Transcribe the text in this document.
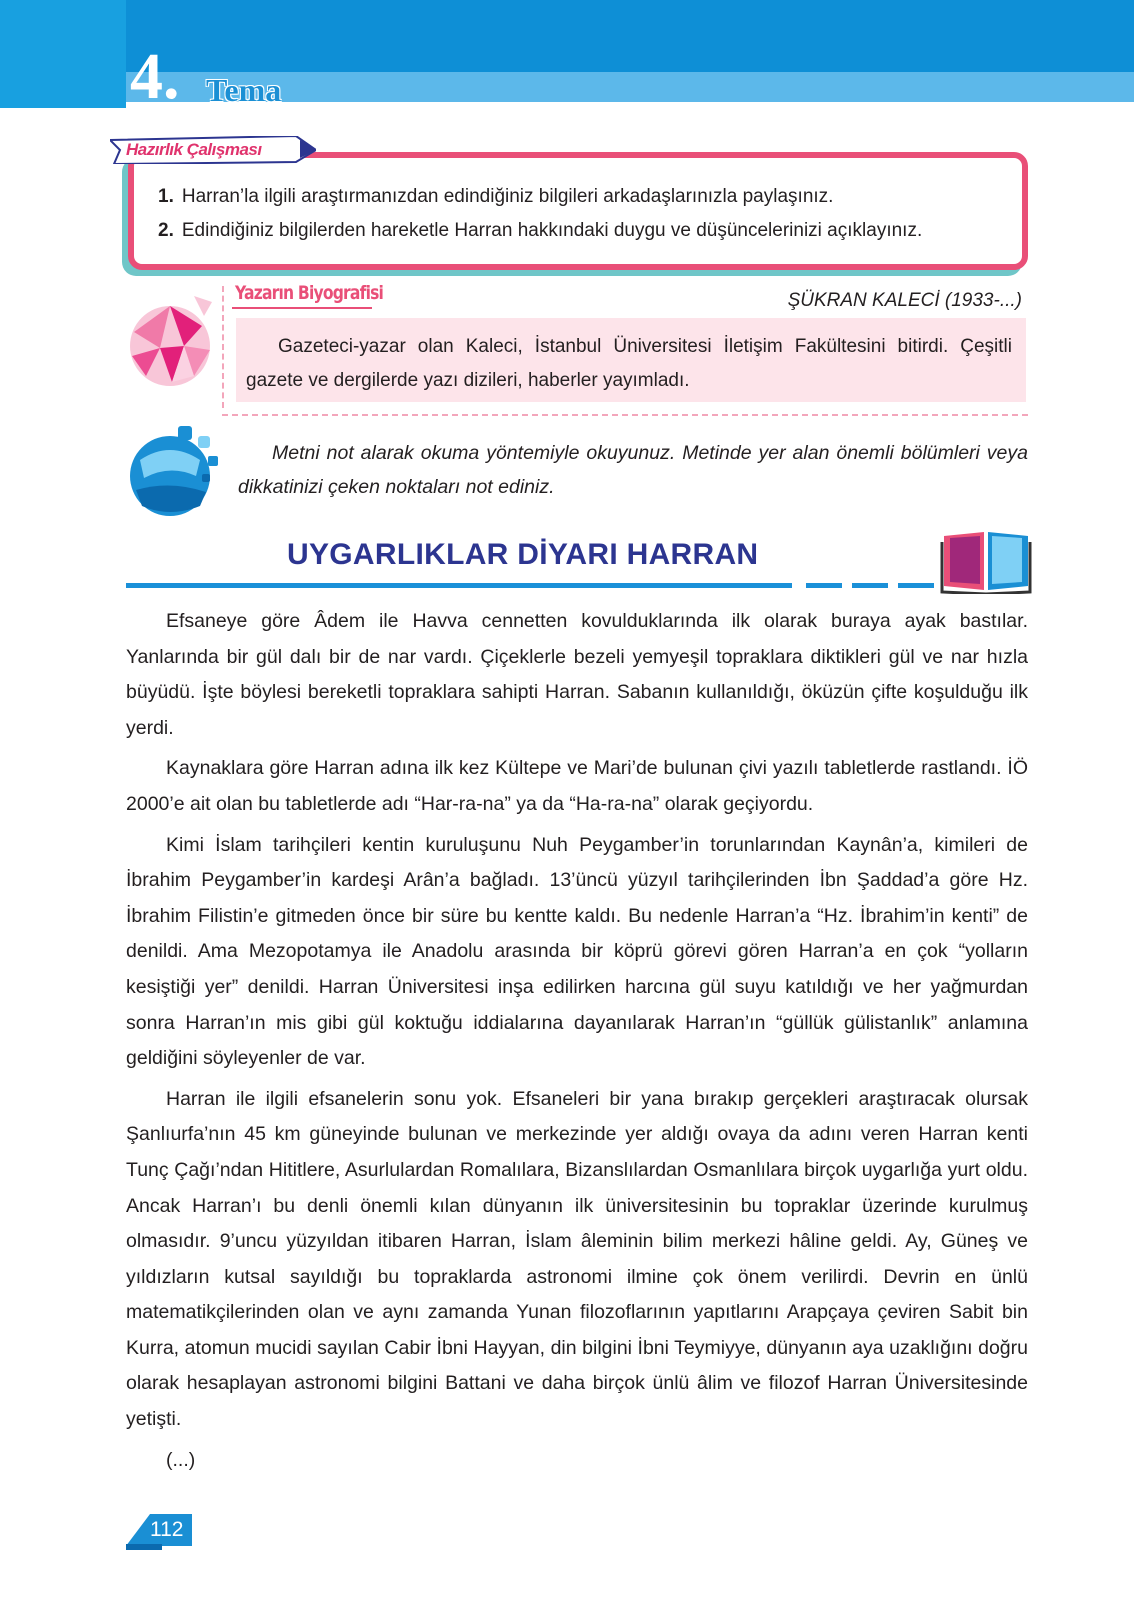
4. Tema
1. Harran’la ilgili araştırmanızdan edindiğiniz bilgileri arkadaşlarınızla paylaşınız.
2. Edindiğiniz bilgilerden hareketle Harran hakkındaki duygu ve düşüncelerinizi açıklayınız.
Hazırlık Çalışması
Yazarın Biyografisi	ŞÜKRAN KALECİ (1933-...)
Gazeteci-yazar olan Kaleci, İstanbul Üniversitesi İletişim Fakültesini bitirdi. Çeşitli gazete ve dergilerde yazı dizileri, haberler yayımladı.
Metni not alarak okuma yöntemiyle okuyunuz. Metinde yer alan önemli bölümleri veya dikkatinizi çeken noktaları not ediniz.
UYGARLIKLAR DİYARI HARRAN

Efsaneye göre Âdem ile Havva cennetten kovulduklarında ilk olarak buraya ayak bastılar. Yanlarında bir gül dalı bir de nar vardı. Çiçeklerle bezeli yemyeşil topraklara diktikleri gül ve nar hızla büyüdü. İşte böylesi bereketli topraklara sahipti Harran. Sabanın kullanıldığı, öküzün çifte koşulduğu ilk yerdi.

Kaynaklara göre Harran adına ilk kez Kültepe ve Mari’de bulunan çivi yazılı tabletlerde rastlandı. İÖ 2000’e ait olan bu tabletlerde adı “Har-ra-na” ya da “Ha-ra-na” olarak geçiyordu.

Kimi İslam tarihçileri kentin kuruluşunu Nuh Peygamber’in torunlarından Kaynân’a, kimileri de İbrahim Peygamber’in kardeşi Arân’a bağladı. 13’üncü yüzyıl tarihçilerinden İbn Şaddad’a göre Hz. İbrahim Filistin’e gitmeden önce bir süre bu kentte kaldı. Bu nedenle Harran’a “Hz. İbrahim’in kenti” de denildi. Ama Mezopotamya ile Anadolu arasında bir köprü görevi gören Harran’a en çok “yolların kesiştiği yer” denildi. Harran Üniversitesi inşa edilirken harcına gül suyu katıldığı ve her yağmurdan sonra Harran’ın mis gibi gül koktuğu iddialarına dayanılarak Harran’ın “güllük gülistanlık” anlamına geldiğini söyleyenler de var.

Harran ile ilgili efsanelerin sonu yok. Efsaneleri bir yana bırakıp gerçekleri araştıracak olursak Şanlıurfa’nın 45 km güneyinde bulunan ve merkezinde yer aldığı ovaya da adını veren Harran kenti Tunç Çağı’ndan Hititlere, Asurlulardan Romalılara, Bizanslılardan Osmanlılara birçok uygarlığa yurt oldu. Ancak Harran’ı bu denli önemli kılan dünyanın ilk üniversitesinin bu topraklar üzerinde kurulmuş olmasıdır. 9’uncu yüzyıldan itibaren Harran, İslam âleminin bilim merkezi hâline geldi. Ay, Güneş ve yıldızların kutsal sayıldığı bu topraklarda astronomi ilmine çok önem verilirdi. Devrin en ünlü matematikçilerinden olan ve aynı zamanda Yunan filozoflarının yapıtlarını Arapçaya çeviren Sabit bin Kurra, atomun mucidi sayılan Cabir İbni Hayyan, din bilgini İbni Teymiyye, dünyanın aya uzaklığını doğru olarak hesaplayan astronomi bilgini Battani ve daha birçok ünlü âlim ve filozof Harran Üniversitesinde yetişti.

(...)

112
